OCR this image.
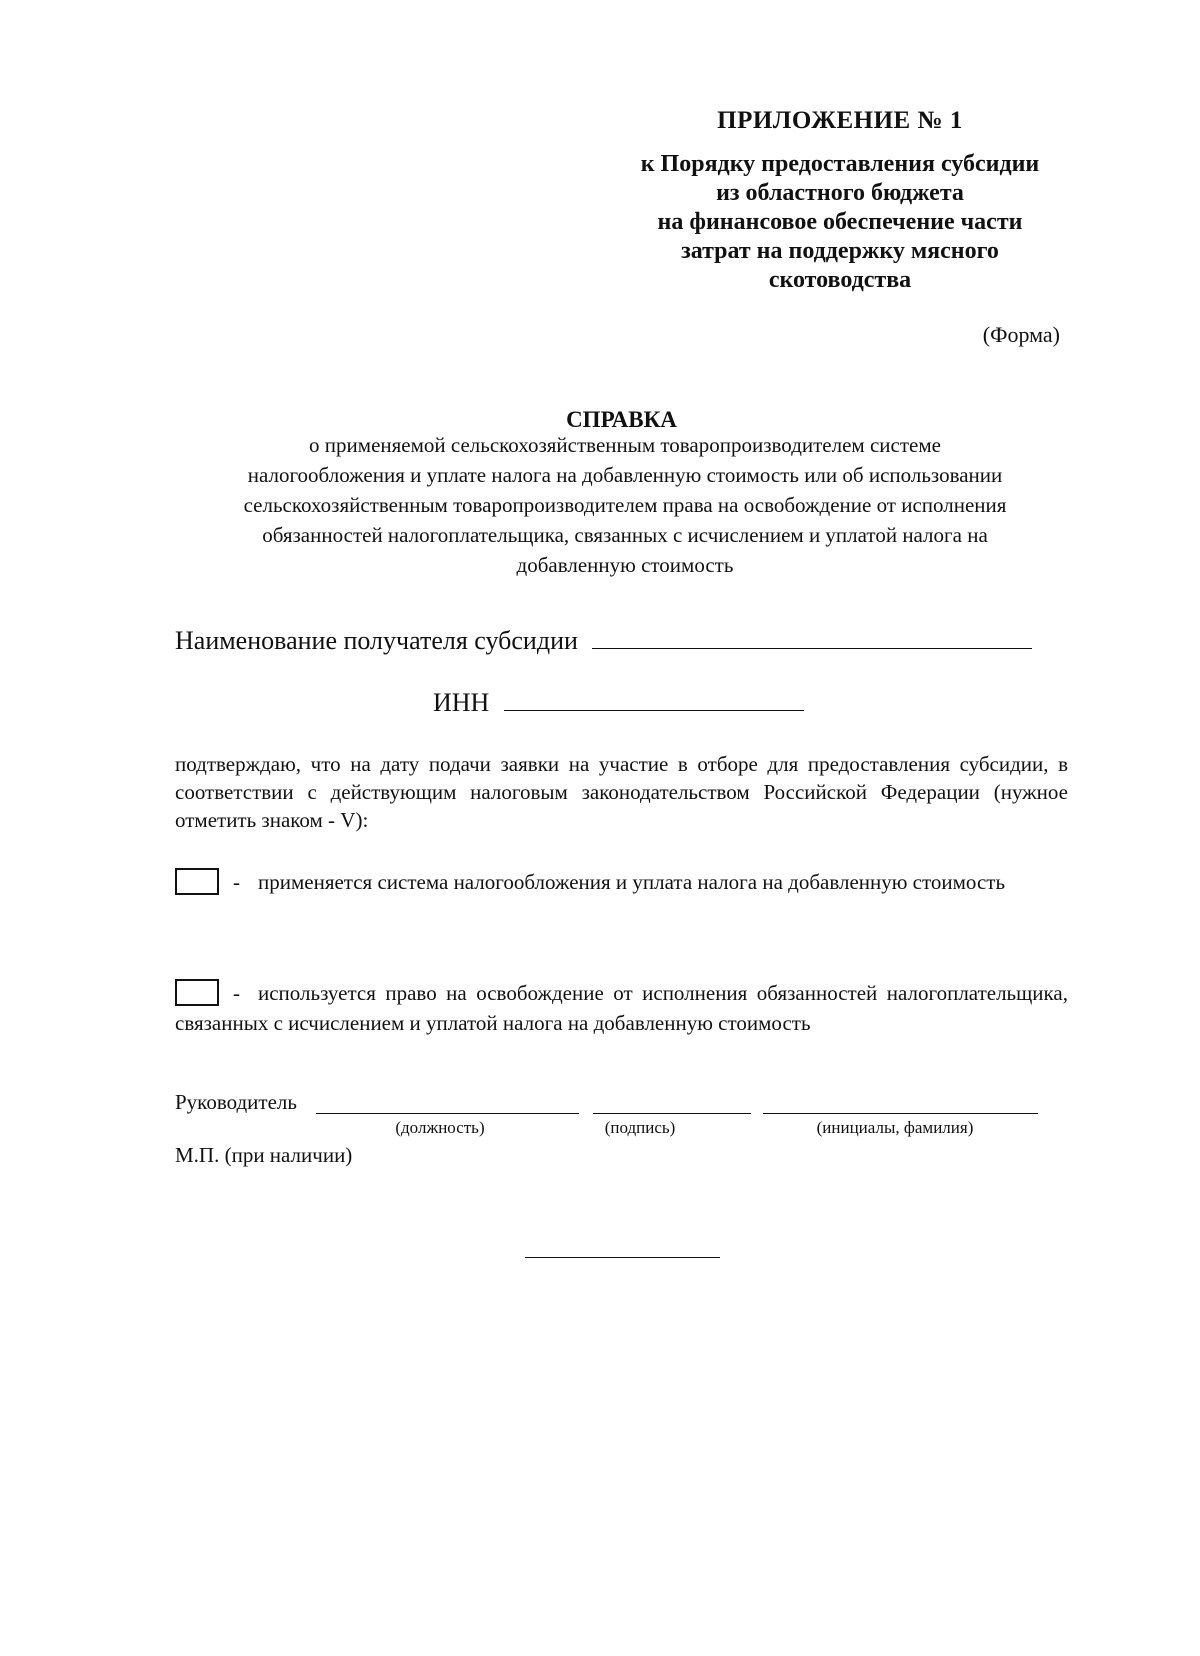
ПРИЛОЖЕНИЕ № 1
к Порядку предоставления субсидии
из областного бюджета
на финансовое обеспечение части
затрат на поддержку мясного
скотоводства
(Форма)
СПРАВКА
о применяемой сельскохозяйственным товаропроизводителем системе
налогообложения и уплате налога на добавленную стоимость или об использовании
сельскохозяйственным товаропроизводителем права на освобождение от исполнения
обязанностей налогоплательщика, связанных с исчислением и уплатой налога на
добавленную стоимость
Наименование получателя субсидии
ИНН
подтверждаю, что на дату подачи заявки на участие в отборе для предоставления субсидии, в соответствии с действующим налоговым законодательством Российской Федерации (нужное отметить знаком - V):
- применяется система налогообложения и уплата налога на добавленную стоимость
- используется право на освобождение от исполнения обязанностей налогоплательщика, связанных с исчислением и уплатой налога на добавленную стоимость
Руководитель
(должность)	(подпись)	(инициалы, фамилия)
М.П. (при наличии)
